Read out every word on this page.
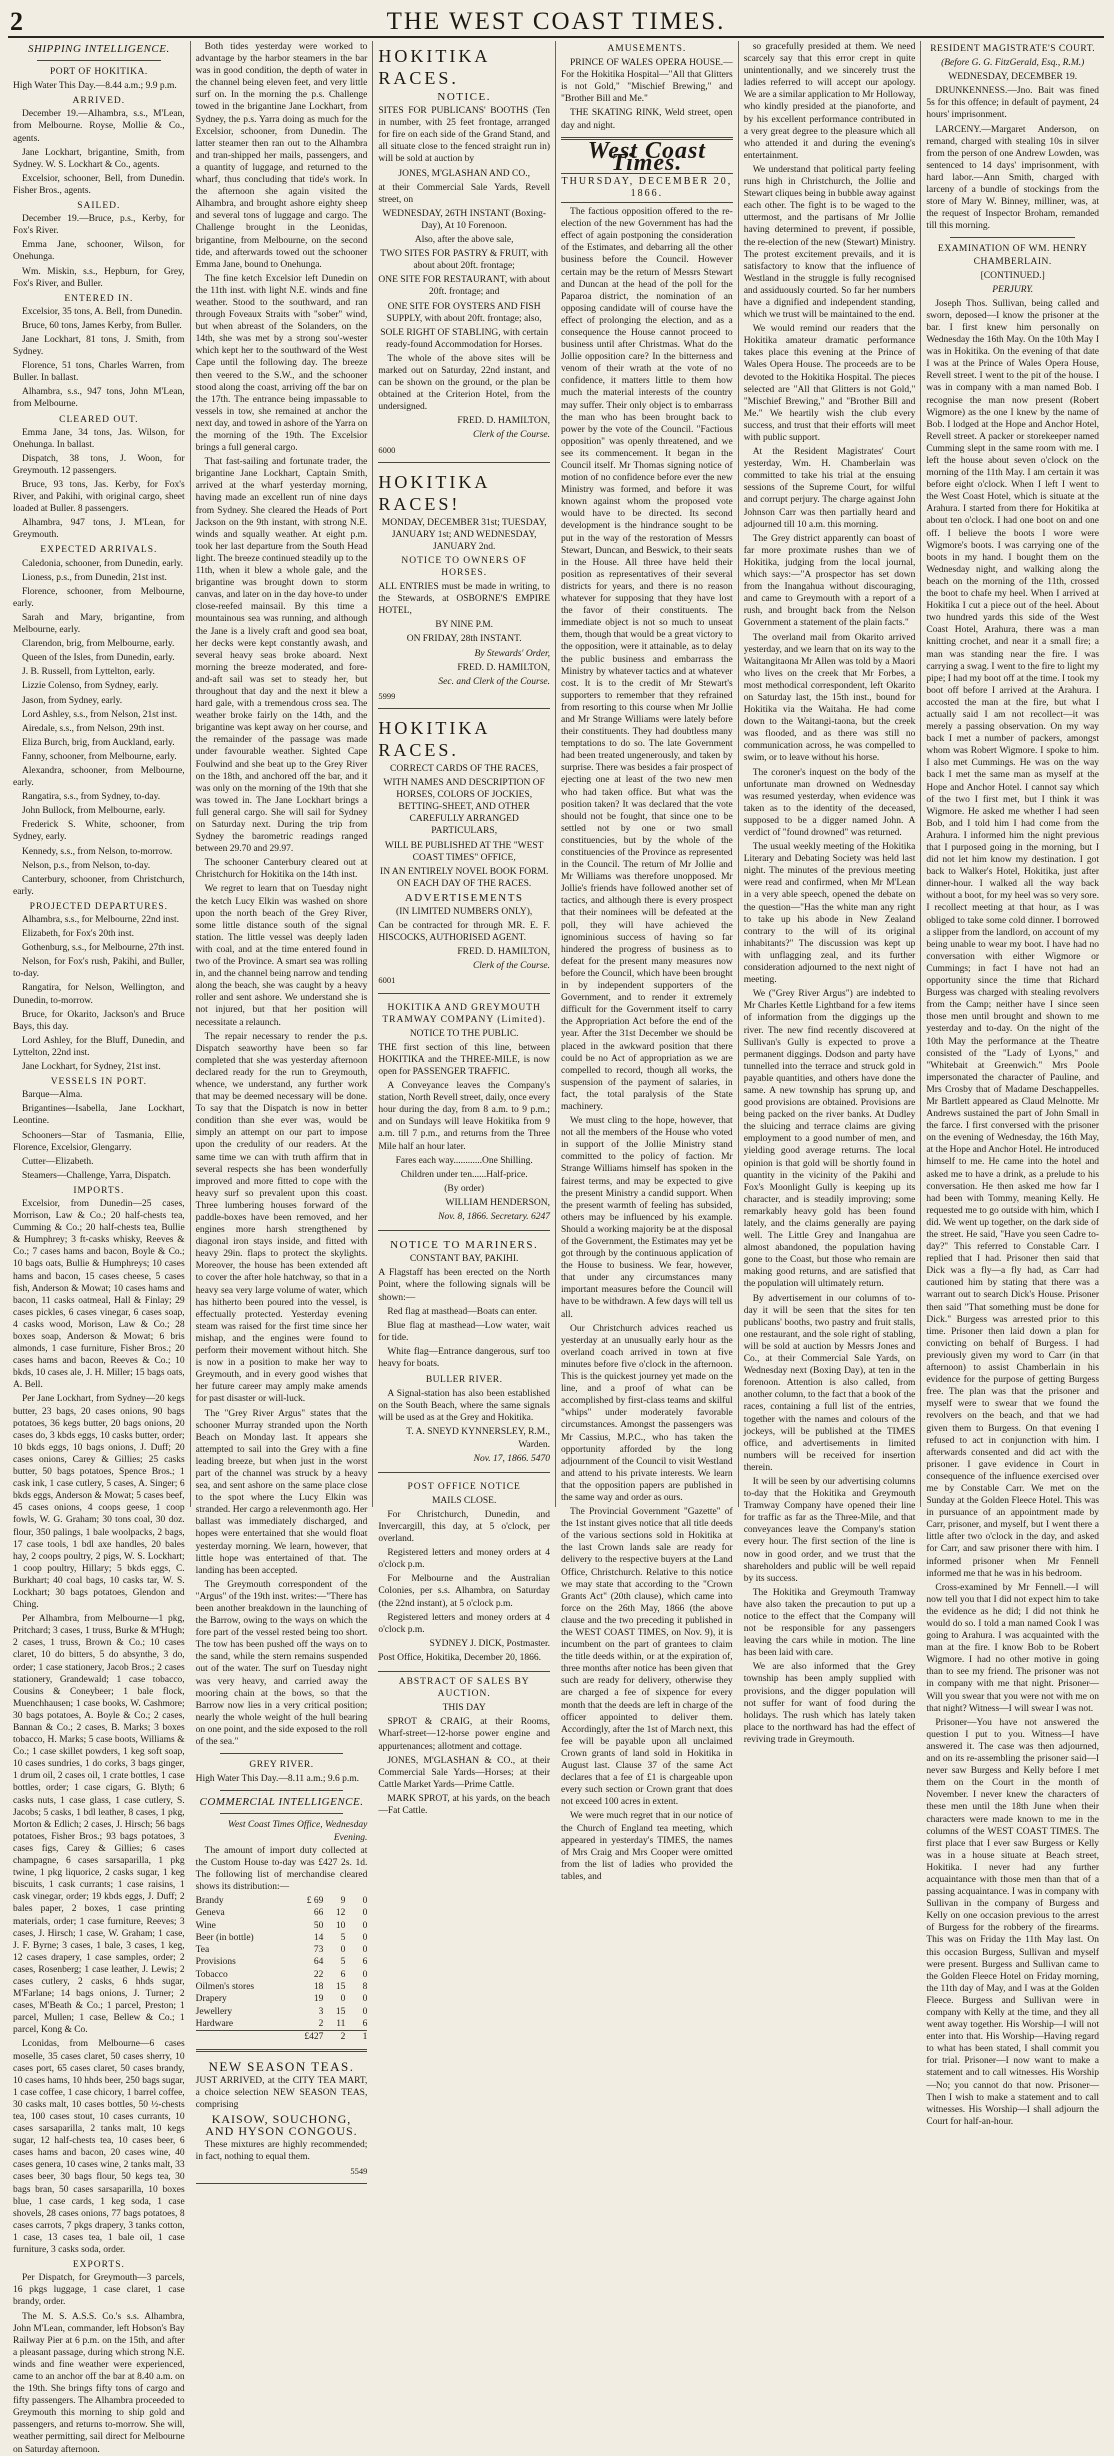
2	THE WEST COAST TIMES.
SHIPPING INTELLIGENCE.
PORT OF HOKITIKA.

High Water This Day.—8.44 a.m.; 9.9 p.m.

ARRIVED.

December 19.—Alhambra, s.s., M'Lean, from Melbourne. Royse, Mollie & Co., agents.

Jane Lockhart, brigantine, Smith, from Sydney. W. S. Lockhart & Co., agents.

Excelsior, schooner, Bell, from Dunedin. Fisher Bros., agents.

SAILED.

December 19.—Bruce, p.s., Kerby, for Fox's River.

Emma Jane, schooner, Wilson, for Onehunga.

Wm. Miskin, s.s., Hepburn, for Grey, Fox's River, and Buller.

ENTERED IN.

Excelsior, 35 tons, A. Bell, from Dunedin.

Bruce, 60 tons, James Kerby, from Buller.

Jane Lockhart, 81 tons, J. Smith, from Sydney.

Florence, 51 tons, Charles Warren, from Buller. In ballast.

Alhambra, s.s., 947 tons, John M'Lean, from Melbourne.

CLEARED OUT.

Emma Jane, 34 tons, Jas. Wilson, for Onehunga. In ballast.

Dispatch, 38 tons, J. Woon, for Greymouth. 12 passengers.

Bruce, 93 tons, Jas. Kerby, for Fox's River, and Pakihi, with original cargo, sheet loaded at Buller. 8 passengers.

Alhambra, 947 tons, J. M'Lean, for Greymouth.

EXPECTED ARRIVALS.

Caledonia, schooner, from Dunedin, early.

Lioness, p.s., from Dunedin, 21st inst.

Florence, schooner, from Melbourne, early.

Sarah and Mary, brigantine, from Melbourne, early.

Clarendon, brig, from Melbourne, early.

Queen of the Isles, from Dunedin, early.

J. B. Russell, from Lyttelton, early.

Lizzie Colenso, from Sydney, early.

Jason, from Sydney, early.

Lord Ashley, s.s., from Nelson, 21st inst.

Airedale, s.s., from Nelson, 29th inst.

Eliza Burch, brig, from Auckland, early.

Fanny, schooner, from Melbourne, early.

Alexandra, schooner, from Melbourne, early.

Rangatira, s.s., from Sydney, to-day.

John Bullock, from Melbourne, early.

Frederick S. White, schooner, from Sydney, early.

Kennedy, s.s., from Nelson, to-morrow.

Nelson, p.s., from Nelson, to-day.

Canterbury, schooner, from Christchurch, early.

PROJECTED DEPARTURES.

Alhambra, s.s., for Melbourne, 22nd inst.

Elizabeth, for Fox's 20th inst.

Gothenburg, s.s., for Melbourne, 27th inst.

Nelson, for Fox's rush, Pakihi, and Buller, to-day.

Rangatira, for Nelson, Wellington, and Dunedin, to-morrow.

Bruce, for Okarito, Jackson's and Bruce Bays, this day.

Lord Ashley, for the Bluff, Dunedin, and Lyttelton, 22nd inst.

Jane Lockhart, for Sydney, 21st inst.

VESSELS IN PORT.

Barque—Alma.

Brigantines—Isabella, Jane Lockhart, Leontine.

Schooners—Star of Tasmania, Ellie, Florence, Excelsior, Glengarry.

Cutter—Elizabeth.

Steamers—Challenge, Yarra, Dispatch.

IMPORTS.

Excelsior, from Dunedin—25 cases, Morrison, Law & Co.; 20 half-chests tea, Cumming & Co.; 20 half-chests tea, Bullie & Humphrey; 3 ft-casks whisky, Reeves & Co.; 7 cases hams and bacon, Boyle & Co.; 10 bags oats, Bullie & Humphreys; 10 cases hams and bacon, 15 cases cheese, 5 cases fish, Anderson & Mowat; 10 cases hams and bacon, 11 casks oatmeal, Hall & Finlay; 29 cases pickles, 6 cases vinegar, 6 cases soap, 4 casks wood, Morison, Law & Co.; 28 boxes soap, Anderson & Mowat; 6 bris almonds, 1 case furniture, Fisher Bros.; 20 cases hams and bacon, Reeves & Co.; 10 bkds, 10 cases ale, J. H. Miller; 15 bags oats, A. Bell.

Per Jane Lockhart, from Sydney—20 kegs butter, 23 bags, 20 cases onions, 90 bags potatoes, 36 kegs butter, 20 bags onions, 20 cases do, 3 kbds eggs, 10 casks butter, order; 10 bkds eggs, 10 bags onions, J. Duff; 20 cases onions, Carey & Gillies; 25 casks butter, 50 bags potatoes, Spence Bros.; 1 cask ink, 1 case cutlery, 5 cases, A. Singer; 6 bkds eggs, Anderson & Mowat; 5 cases beef, 45 cases onions, 4 coops geese, 1 coop fowls, W. G. Graham; 30 tons coal, 30 doz. flour, 350 palings, 1 bale woolpacks, 2 bags, 17 case tools, 1 bdl axe handles, 20 bales hay, 2 coops poultry, 2 pigs, W. S. Lockhart; 1 coop poultry, Hillary; 5 bkds eggs, C. Burkhart; 40 coal bags, 10 casks tar, W. S. Lockhart; 30 bags potatoes, Glendon and Ching.

Per Alhambra, from Melbourne—1 pkg, Pritchard; 3 cases, 1 truss, Burke & M'Hugh; 2 cases, 1 truss, Brown & Co.; 10 cases claret, 10 do bitters, 5 do absynthe, 3 do, order; 1 case stationery, Jacob Bros.; 2 cases stationery, Grandewald; 1 case tobacco, Cousins & Coneybeer; 1 bale flock, Muenchhausen; 1 case books, W. Cashmore; 30 bags potatoes, A. Boyle & Co.; 2 cases, Bannan & Co.; 2 cases, B. Marks; 3 boxes tobacco, H. Marks; 5 case boots, Williams & Co.; 1 case skillet powders, 1 keg soft soap, 10 cases sundries, 1 do corks, 3 bags ginger, 1 drum oil, 2 cases oil, 1 crate bottles, 1 case bottles, order; 1 case cigars, G. Blyth; 6 casks nuts, 1 case glass, 1 case cutlery, S. Jacobs; 5 casks, 1 bdl leather, 8 cases, 1 pkg, Morton & Edlich; 2 cases, J. Hirsch; 56 bags potatoes, Fisher Bros.; 93 bags potatoes, 3 cases figs, Carey & Gillies; 6 cases champagne, 6 cases sarsaparilla, 1 pkg twine, 1 pkg liquorice, 2 casks sugar, 1 keg biscuits, 1 cask currants; 1 case raisins, 1 cask vinegar, order; 19 kbds eggs, J. Duff; 2 bales paper, 2 boxes, 1 case printing materials, order; 1 case furniture, Reeves; 3 cases, J. Hirsch; 1 case, W. Graham; 1 case, J. F. Byrne; 3 cases, 1 bale, 3 cases, 1 keg, 12 cases drapery, 1 case samples, order; 2 cases, Rosenberg; 1 case leather, J. Lewis; 2 cases cutlery, 2 casks, 6 hhds sugar, M'Farlane; 14 bags onions, J. Turner; 2 cases, M'Beath & Co.; 1 parcel, Preston; 1 parcel, Mullen; 1 case, Bellew & Co.; 1 parcel, Kong & Co.

Lconidas, from Melbourne—6 cases moselle, 35 cases claret, 50 cases sherry, 10 cases port, 65 cases claret, 50 cases brandy, 10 cases hams, 10 hhds beer, 250 bags sugar, 1 case coffee, 1 case chicory, 1 barrel coffee, 30 casks malt, 10 cases bottles, 50 ½-chests tea, 100 cases stout, 10 cases currants, 10 cases sarsaparilla, 2 tanks malt, 10 kegs sugar, 12 half-chests tea, 10 cases beer, 6 cases hams and bacon, 20 cases wine, 40 cases genera, 10 cases wine, 2 tanks malt, 33 cases beer, 30 bags flour, 50 kegs tea, 30 bags bran, 50 cases sarsaparilla, 10 boxes blue, 1 case cards, 1 keg soda, 1 case shovels, 28 cases onions, 77 bags potatoes, 8 cases carrots, 7 pkgs drapery, 3 tanks cotton, 1 case, 13 cases tea, 1 bale oil, 1 case furniture, 3 casks soda, order.

EXPORTS.

Per Dispatch, for Greymouth—3 parcels, 16 pkgs luggage, 1 case claret, 1 case brandy, order.

The M. S. A.S.S. Co.'s s.s. Alhambra, John M'Lean, commander, left Hobson's Bay Railway Pier at 6 p.m. on the 15th, and after a pleasant passage, during which strong N.E. winds and fine weather were experienced, came to an anchor off the bar at 8.40 a.m. on the 19th. She brings fifty tons of cargo and fifty passengers. The Alhambra proceeded to Greymouth this morning to ship gold and passengers, and returns to-morrow. She will, weather permitting, sail direct for Melbourne on Saturday afternoon.

Both tides yesterday were worked to advantage by the harbor steamers in the bar was in good condition, the depth of water in the channel being eleven feet, and very little surf on. In the morning the p.s. Challenge towed in the brigantine Jane Lockhart, from Sydney, the p.s. Yarra doing as much for the Excelsior, schooner, from Dunedin. The latter steamer then ran out to the Alhambra and tran-shipped her mails, passengers, and a quantity of luggage, and returned to the wharf, thus concluding that tide's work. In the afternoon she again visited the Alhambra, and brought ashore eighty sheep and several tons of luggage and cargo. The Challenge brought in the Leonidas, brigantine, from Melbourne, on the second tide, and afterwards towed out the schooner Emma Jane, bound to Onehunga.

The fine ketch Excelsior left Dunedin on the 11th inst. with light N.E. winds and fine weather. Stood to the southward, and ran through Foveaux Straits with "sober" wind, but when abreast of the Solanders, on the 14th, she was met by a strong sou'-wester which kept her to the southward of the West Cape until the following day. The breeze then veered to the S.W., and the schooner stood along the coast, arriving off the bar on the 17th. The entrance being impassable to vessels in tow, she remained at anchor the next day, and towed in ashore of the Yarra on the morning of the 19th. The Excelsior brings a full general cargo.

That fast-sailing and fortunate trader, the brigantine Jane Lockhart, Captain Smith, arrived at the wharf yesterday morning, having made an excellent run of nine days from Sydney. She cleared the Heads of Port Jackson on the 9th instant, with strong N.E. winds and squally weather. At eight p.m. took her last departure from the South Head light. The breeze continued steadily up to the 11th, when it blew a whole gale, and the brigantine was brought down to storm canvas, and later on in the day hove-to under close-reefed mainsail. By this time a mountainous sea was running, and although the Jane is a lively craft and good sea boat, her decks were kept constantly awash, and several heavy seas broke aboard. Next morning the breeze moderated, and fore-and-aft sail was set to steady her, but throughout that day and the next it blew a hard gale, with a tremendous cross sea. The weather broke fairly on the 14th, and the brigantine was kept away on her course, and the remainder of the passage was made under favourable weather. Sighted Cape Foulwind and she beat up to the Grey River on the 18th, and anchored off the bar, and it was only on the morning of the 19th that she was towed in. The Jane Lockhart brings a full general cargo. She will sail for Sydney on Saturday next. During the trip from Sydney the barometric readings ranged between 29.70 and 29.97.

The schooner Canterbury cleared out at Christchurch for Hokitika on the 14th inst.

We regret to learn that on Tuesday night the ketch Lucy Elkin was washed on shore upon the north beach of the Grey River, some little distance south of the signal station. The little vessel was deeply laden with coal, and at the time entered found in two of the Province. A smart sea was rolling in, and the channel being narrow and tending along the beach, she was caught by a heavy roller and sent ashore. We understand she is not injured, but that her position will necessitate a relaunch.

The repair necessary to render the p.s. Dispatch seaworthy have been so far completed that she was yesterday afternoon declared ready for the run to Greymouth, whence, we understand, any further work that may be deemed necessary will be done. To say that the Dispatch is now in better condition than she ever was, would be simply an attempt on our part to impose upon the credulity of our readers. At the same time we can with truth affirm that in several respects she has been wonderfully improved and more fitted to cope with the heavy surf so prevalent upon this coast. Three lumbering houses forward of the paddle-boxes have been removed, and her engines more harsh strengthened by diagonal iron stays inside, and fitted with heavy 29in. flaps to protect the skylights. Moreover, the house has been extended aft to cover the after hole hatchway, so that in a heavy sea very large volume of water, which has hitherto been poured into the vessel, is effectually protected. Yesterday evening steam was raised for the first time since her mishap, and the engines were found to perform their movement without hitch. She is now in a position to make her way to Greymouth, and in every good wishes that her future career may amply make amends for past disaster or will-luck.

The "Grey River Argus" states that the schooner Murray stranded upon the North Beach on Monday last. It appears she attempted to sail into the Grey with a fine leading breeze, but when just in the worst part of the channel was struck by a heavy sea, and sent ashore on the same place close to the spot where the Lucy Elkin was stranded. Her cargo a relevenmonth ago. Her ballast was immediately discharged, and hopes were entertained that she would float yesterday morning. We learn, however, that little hope was entertained of that. The landing has been accepted.

The Greymouth correspondent of the "Argus" of the 19th inst. writes:—"There has been another breakdown in the launching of the Barrow, owing to the ways on which the fore part of the vessel rested being too short. The tow has been pushed off the ways on to the sand, while the stern remains suspended out of the water. The surf on Tuesday night was very heavy, and carried away the mooring chain at the bows, so that the Barrow now lies in a very critical position; nearly the whole weight of the hull bearing on one point, and the side exposed to the roll of the sea."

GREY RIVER.

High Water This Day.—8.11 a.m.; 9.6 p.m.

COMMERCIAL INTELLIGENCE.
West Coast Times Office, Wednesday Evening.

The amount of import duty collected at the Custom House to-day was £427 2s. 1d. The following list of merchandise cleared shows its distribution:—

Brandy	£ 69	9	0
Geneva	66	12	0
Wine	50	10	0
Beer (in bottle)	14	5	0
Tea	73	0	0
Provisions	64	5	6
Tobacco	22	6	0
Oilmen's stores	18	15	8
Drapery	19	0	0
Jewellery	3	15	0
Hardware	2	11	6
	£427	2	1
NEW SEASON TEAS.

JUST ARRIVED, at the CITY TEA MART, a choice selection NEW SEASON TEAS, comprising

KAISOW, SOUCHONG, AND HYSON CONGOUS.

These mixtures are highly recommended; in fact, nothing to equal them.

5549
HOKITIKA RACES.
NOTICE.

SITES FOR PUBLICANS' BOOTHS (Ten in number, with 25 feet frontage, arranged for fire on each side of the Grand Stand, and all situate close to the fenced straight run in) will be sold at auction by

JONES, M'GLASHAN AND CO.,

at their Commercial Sale Yards, Revell street, on

WEDNESDAY, 26TH INSTANT (Boxing-Day), At 10 Forenoon.
Also, after the above sale,

TWO SITES FOR PASTRY & FRUIT, with about about 20ft. frontage;

ONE SITE FOR RESTAURANT, with about 20ft. frontage; and

ONE SITE FOR OYSTERS AND FISH SUPPLY, with about 20ft. frontage; also,

SOLE RIGHT OF STABLING, with certain ready-found Accommodation for Horses.

The whole of the above sites will be marked out on Saturday, 22nd instant, and can be shown on the ground, or the plan be obtained at the Criterion Hotel, from the undersigned.

FRED. D. HAMILTON,
Clerk of the Course.
6000
HOKITIKA RACES!
MONDAY, DECEMBER 31st; TUESDAY, JANUARY 1st; AND WEDNESDAY, JANUARY 2nd.
NOTICE TO OWNERS OF HORSES.

ALL ENTRIES must be made in writing, to the Stewards, at OSBORNE'S EMPIRE HOTEL,

BY NINE P.M.
ON FRIDAY, 28th INSTANT.
By Stewards' Order,
FRED. D. HAMILTON,
Sec. and Clerk of the Course.
5999
HOKITIKA RACES.
CORRECT CARDS OF THE RACES,
WITH NAMES AND DESCRIPTION OF HORSES, COLORS OF JOCKIES, BETTING-SHEET, AND OTHER CAREFULLY ARRANGED PARTICULARS,
WILL BE PUBLISHED AT THE "WEST COAST TIMES" OFFICE,
IN AN ENTIRELY NOVEL BOOK FORM. ON EACH DAY OF THE RACES.
ADVERTISEMENTS
(IN LIMITED NUMBERS ONLY),

Can be contracted for through MR. E. F. HISCOCKS, AUTHORISED AGENT.

FRED. D. HAMILTON,
Clerk of the Course.
6001
HOKITIKA AND GREYMOUTH TRAMWAY COMPANY (Limited).
NOTICE TO THE PUBLIC.

THE first section of this line, between HOKITIKA and the THREE-MILE, is now open for PASSENGER TRAFFIC.

A Conveyance leaves the Company's station, North Revell street, daily, once every hour during the day, from 8 a.m. to 9 p.m.; and on Sundays will leave Hokitika from 9 a.m. till 7 p.m., and returns from the Three Mile half an hour later.

Fares each way............One Shilling.
Children under ten......Half-price.
(By order)
WILLIAM HENDERSON,
Nov. 8, 1866. Secretary. 6247
NOTICE TO MARINERS.
CONSTANT BAY, PAKIHI.

A Flagstaff has been erected on the North Point, where the following signals will be shown:—

Red flag at masthead—Boats can enter.

Blue flag at masthead—Low water, wait for tide.

White flag—Entrance dangerous, surf too heavy for boats.

BULLER RIVER.

A Signal-station has also been established on the South Beach, where the same signals will be used as at the Grey and Hokitika.

T. A. SNEYD KYNNERSLEY, R.M., Warden.
Nov. 17, 1866. 5470
POST OFFICE NOTICE
MAILS CLOSE.

For Christchurch, Dunedin, and Invercargill, this day, at 5 o'clock, per overland.

Registered letters and money orders at 4 o'clock p.m.

For Melbourne and the Australian Colonies, per s.s. Alhambra, on Saturday (the 22nd instant), at 5 o'clock p.m.

Registered letters and money orders at 4 o'clock p.m.

SYDNEY J. DICK, Postmaster.

Post Office, Hokitika, December 20, 1866.

ABSTRACT OF SALES BY AUCTION.
THIS DAY

SPROT & CRAIG, at their Rooms, Wharf-street—12-horse power engine and appurtenances; allotment and cottage.

JONES, M'GLASHAN & CO., at their Commercial Sale Yards—Horses; at their Cattle Market Yards—Prime Cattle.

MARK SPROT, at his yards, on the beach—Fat Cattle.

AMUSEMENTS.

PRINCE OF WALES OPERA HOUSE.—For the Hokitika Hospital—"All that Glitters is not Gold," "Mischief Brewing," and "Brother Bill and Me."

THE SKATING RINK, Weld street, open day and night.

West Coast Times.
THURSDAY, DECEMBER 20, 1866.

The factious opposition offered to the re-election of the new Government has had the effect of again postponing the consideration of the Estimates, and debarring all the other business before the Council. However certain may be the return of Messrs Stewart and Duncan at the head of the poll for the Paparoa district, the nomination of an opposing candidate will of course have the effect of prolonging the election, and as a consequence the House cannot proceed to business until after Christmas. What do the Jollie opposition care? In the bitterness and venom of their wrath at the vote of no confidence, it matters little to them how much the material interests of the country may suffer. Their only object is to embarrass the man who has been brought back to power by the vote of the Council. "Factious opposition" was openly threatened, and we see its commencement. It began in the Council itself. Mr Thomas signing notice of motion of no confidence before ever the new Ministry was formed, and before it was known against whom the proposed vote would have to be directed. Its second development is the hindrance sought to be put in the way of the restoration of Messrs Stewart, Duncan, and Beswick, to their seats in the House. All three have held their position as representatives of their several districts for years, and there is no reason whatever for supposing that they have lost the favor of their constituents. The immediate object is not so much to unseat them, though that would be a great victory to the opposition, were it attainable, as to delay the public business and embarrass the Ministry by whatever tactics and at whatever cost. It is to the credit of Mr Stewart's supporters to remember that they refrained from resorting to this course when Mr Jollie and Mr Strange Williams were lately before their constituents. They had doubtless many temptations to do so. The late Government had been treated ungenerously, and taken by surprise. There was besides a fair prospect of ejecting one at least of the two new men who had taken office. But what was the position taken? It was declared that the vote should not be fought, that since one to be settled not by one or two small constituencies, but by the whole of the constituencies of the Province as represented in the Council. The return of Mr Jollie and Mr Williams was therefore unopposed. Mr Jollie's friends have followed another set of tactics, and although there is every prospect that their nominees will be defeated at the poll, they will have achieved the ignominious success of having so far hindered the progress of business as to defeat for the present many measures now before the Council, which have been brought in by independent supporters of the Government, and to render it extremely difficult for the Government itself to carry the Appropriation Act before the end of the year. After the 31st December we should be placed in the awkward position that there could be no Act of appropriation as we are compelled to record, though all works, the suspension of the payment of salaries, in fact, the total paralysis of the State machinery.

We must cling to the hope, however, that not all the members of the House who voted in support of the Jollie Ministry stand committed to the policy of faction. Mr Strange Williams himself has spoken in the fairest terms, and may be expected to give the present Ministry a candid support. When the present warmth of feeling has subsided, others may be influenced by his example. Should a working majority be at the disposal of the Government, the Estimates may yet be got through by the continuous application of the House to business. We fear, however, that under any circumstances many important measures before the Council will have to be withdrawn. A few days will tell us all.

Our Christchurch advices reached us yesterday at an unusually early hour as the overland coach arrived in town at five minutes before five o'clock in the afternoon. This is the quickest journey yet made on the line, and a proof of what can be accomplished by first-class teams and skilful "whips" under moderately favorable circumstances. Amongst the passengers was Mr Cassius, M.P.C., who has taken the opportunity afforded by the long adjournment of the Council to visit Westland and attend to his private interests. We learn that the opposition papers are published in the same way and order as ours.

The Provincial Government "Gazette" of the 1st instant gives notice that all title deeds of the various sections sold in Hokitika at the last Crown lands sale are ready for delivery to the respective buyers at the Land Office, Christchurch. Relative to this notice we may state that according to the "Crown Grants Act" (20th clause), which came into force on the 26th May, 1866 (the above clause and the two preceding it published in the WEST COAST TIMES, on Nov. 9), it is incumbent on the part of grantees to claim the title deeds within, or at the expiration of, three months after notice has been given that such are ready for delivery, otherwise they are charged a fee of sixpence for every month that the deeds are left in charge of the officer appointed to deliver them. Accordingly, after the 1st of March next, this fee will be payable upon all unclaimed Crown grants of land sold in Hokitika in August last. Clause 37 of the same Act declares that a fee of £1 is chargeable upon every such section or Crown grant that does not exceed 100 acres in extent.

We were much regret that in our notice of the Church of England tea meeting, which appeared in yesterday's TIMES, the names of Mrs Craig and Mrs Cooper were omitted from the list of ladies who provided the tables, and

so gracefully presided at them. We need scarcely say that this error crept in quite unintentionally, and we sincerely trust the ladies referred to will accept our apology. We are a similar application to Mr Holloway, who kindly presided at the pianoforte, and by his excellent performance contributed in a very great degree to the pleasure which all who attended it and during the evening's entertainment.

We understand that political party feeling runs high in Christchurch, the Jollie and Stewart cliques being in bubble away against each other. The fight is to be waged to the uttermost, and the partisans of Mr Jollie having determined to prevent, if possible, the re-election of the new (Stewart) Ministry. The protest excitement prevails, and it is satisfactory to know that the influence of Westland in the struggle is fully recognised and assiduously courted. So far her numbers have a dignified and independent standing, which we trust will be maintained to the end.

We would remind our readers that the Hokitika amateur dramatic performance takes place this evening at the Prince of Wales Opera House. The proceeds are to be devoted to the Hokitika Hospital. The pieces selected are "All that Glitters is not Gold," "Mischief Brewing," and "Brother Bill and Me." We heartily wish the club every success, and trust that their efforts will meet with public support.

At the Resident Magistrates' Court yesterday, Wm. H. Chamberlain was committed to take his trial at the ensuing sessions of the Supreme Court, for wilful and corrupt perjury. The charge against John Johnson Carr was then partially heard and adjourned till 10 a.m. this morning.

The Grey district apparently can boast of far more proximate rushes than we of Hokitika, judging from the local journal, which says:—"A prospector has set down from the Inangahua without discouraging, and came to Greymouth with a report of a rush, and brought back from the Nelson Government a statement of the plain facts."

The overland mail from Okarito arrived yesterday, and we learn that on its way to the Waitangitaona Mr Allen was told by a Maori who lives on the creek that Mr Forbes, a most methodical correspondent, left Okarito on Saturday last, the 15th inst., bound for Hokitika via the Waitaha. He had come down to the Waitangi-taona, but the creek was flooded, and as there was still no communication across, he was compelled to swim, or to leave without his horse.

The coroner's inquest on the body of the unfortunate man drowned on Wednesday was resumed yesterday, when evidence was taken as to the identity of the deceased, supposed to be a digger named John. A verdict of "found drowned" was returned.

The usual weekly meeting of the Hokitika Literary and Debating Society was held last night. The minutes of the previous meeting were read and confirmed, when Mr M'Lean in a very able speech, opened the debate on the question—"Has the white man any right to take up his abode in New Zealand contrary to the will of its original inhabitants?" The discussion was kept up with unflagging zeal, and its further consideration adjourned to the next night of meeting.

We ("Grey River Argus") are indebted to Mr Charles Kettle Lightband for a few items of information from the diggings up the river. The new find recently discovered at Sullivan's Gully is expected to prove a permanent diggings. Dodson and party have tunnelled into the terrace and struck gold in payable quantities, and others have done the same. A new township has sprung up, and good provisions are obtained. Provisions are being packed on the river banks. At Dudley the sluicing and terrace claims are giving employment to a good number of men, and yielding good average returns. The local opinion is that gold will be shortly found in quantity in the vicinity of the Pakihi and Fox's Moonlight Gully is keeping up its character, and is steadily improving; some remarkably heavy gold has been found lately, and the claims generally are paying well. The Little Grey and Inangahua are almost abandoned, the population having gone to the Coast, but those who remain are making good returns, and are satisfied that the population will ultimately return.

By advertisement in our columns of to-day it will be seen that the sites for ten publicans' booths, two pastry and fruit stalls, one restaurant, and the sole right of stabling, will be sold at auction by Messrs Jones and Co., at their Commercial Sale Yards, on Wednesday next (Boxing Day), at ten in the forenoon. Attention is also called, from another column, to the fact that a book of the races, containing a full list of the entries, together with the names and colours of the jockeys, will be published at the TIMES office, and advertisements in limited numbers will be received for insertion therein.

It will be seen by our advertising columns to-day that the Hokitika and Greymouth Tramway Company have opened their line for traffic as far as the Three-Mile, and that conveyances leave the Company's station every hour. The first section of the line is now in good order, and we trust that the shareholders and public will be well repaid by its success.

The Hokitika and Greymouth Tramway have also taken the precaution to put up a notice to the effect that the Company will not be responsible for any passengers leaving the cars while in motion. The line has been laid with care.

We are also informed that the Grey township has been amply supplied with provisions, and the digger population will not suffer for want of food during the holidays. The rush which has lately taken place to the northward has had the effect of reviving trade in Greymouth.

RESIDENT MAGISTRATE'S COURT.
(Before G. G. FitzGerald, Esq., R.M.)
WEDNESDAY, DECEMBER 19.

DRUNKENNESS.—Jno. Bait was fined 5s for this offence; in default of payment, 24 hours' imprisonment.

LARCENY.—Margaret Anderson, on remand, charged with stealing 10s in silver from the person of one Andrew Lowden, was sentenced to 14 days' imprisonment, with hard labor.—Ann Smith, charged with larceny of a bundle of stockings from the store of Mary W. Binney, milliner, was, at the request of Inspector Broham, remanded till this morning.

EXAMINATION OF WM. HENRY CHAMBERLAIN.
[CONTINUED.]
PERJURY.

Joseph Thos. Sullivan, being called and sworn, deposed—I know the prisoner at the bar. I first knew him personally on Wednesday the 16th May. On the 10th May I was in Hokitika. On the evening of that date I was at the Prince of Wales Opera House, Revell street. I went to the pit of the house. I was in company with a man named Bob. I recognise the man now present (Robert Wigmore) as the one I knew by the name of Bob. I lodged at the Hope and Anchor Hotel, Revell street. A packer or storekeeper named Cumming slept in the same room with me. I left the house about seven o'clock on the morning of the 11th May. I am certain it was before eight o'clock. When I left I went to the West Coast Hotel, which is situate at the Arahura. I started from there for Hokitika at about ten o'clock. I had one boot on and one off. I believe the boots I wore were Wigmore's boots. I was carrying one of the boots in my hand. I bought them on the Wednesday night, and walking along the beach on the morning of the 11th, crossed the boot to chafe my heel. When I arrived at Hokitika I cut a piece out of the heel. About two hundred yards this side of the West Coast Hotel, Arahura, there was a man knitting crochet, and near it a small fire; a man was standing near the fire. I was carrying a swag. I went to the fire to light my pipe; I had my boot off at the time. I took my boot off before I arrived at the Arahura. I accosted the man at the fire, but what I actually said I am not recollect—it was merely a passing observation. On my way back I met a number of packers, amongst whom was Robert Wigmore. I spoke to him. I also met Cummings. He was on the way back I met the same man as myself at the Hope and Anchor Hotel. I cannot say which of the two I first met, but I think it was Wigmore. He asked me whether I had seen Bob, and I told him I had come from the Arahura. I informed him the night previous that I purposed going in the morning, but I did not let him know my destination. I got back to Walker's Hotel, Hokitika, just after dinner-hour. I walked all the way back without a boot, for my heel was so very sore. I recollect meeting at that hour, as I was obliged to take some cold dinner. I borrowed a slipper from the landlord, on account of my being unable to wear my boot. I have had no conversation with either Wigmore or Cummings; in fact I have not had an opportunity since the time that Richard Burgess was charged with stealing revolvers from the Camp; neither have I since seen those men until brought and shown to me yesterday and to-day. On the night of the 10th May the performance at the Theatre consisted of the "Lady of Lyons," and "Whitebait at Greenwich." Mrs Poole impersonated the character of Pauline, and Mrs Crosby that of Madame Deschappelles. Mr Bartlett appeared as Claud Melnotte. Mr Andrews sustained the part of John Small in the farce. I first conversed with the prisoner on the evening of Wednesday, the 16th May, at the Hope and Anchor Hotel. He introduced himself to me. He came into the hotel and asked me to have a drink, as a prelude to his conversation. He then asked me how far I had been with Tommy, meaning Kelly. He requested me to go outside with him, which I did. We went up together, on the dark side of the street. He said, "Have you seen Cadre to-day?" This referred to Constable Carr. I replied that I had. Prisoner then said that Dick was a fly—a fly had, as Carr had cautioned him by stating that there was a warrant out to search Dick's House. Prisoner then said "That something must be done for Dick." Burgess was arrested prior to this time. Prisoner then laid down a plan for convicting on behalf of Burgess. I had previously given my word to Carr (in that afternoon) to assist Chamberlain in his evidence for the purpose of getting Burgess free. The plan was that the prisoner and myself were to swear that we found the revolvers on the beach, and that we had given them to Burgess. On that evening I refused to act in conjunction with him. I afterwards consented and did act with the prisoner. I gave evidence in Court in consequence of the influence exercised over me by Constable Carr. We met on the Sunday at the Golden Fleece Hotel. This was in pursuance of an appointment made by Carr, prisoner, and myself, but I went there a little after two o'clock in the day, and asked for Carr, and saw prisoner there with him. I informed prisoner when Mr Fennell informed me that he was in his bedroom.

Cross-examined by Mr Fennell.—I will now tell you that I did not expect him to take the evidence as he did; I did not think he would do so. I told a man named Cook I was going to Arahura. I was acquainted with the man at the fire. I know Bob to be Robert Wigmore. I had no other motive in going than to see my friend. The prisoner was not in company with me that night. Prisoner—Will you swear that you were not with me on that night? Witness—I will swear I was not.

Prisoner—You have not answered the question I put to you. Witness—I have answered it. The case was then adjourned, and on its re-assembling the prisoner said—I never saw Burgess and Kelly before I met them on the Court in the month of November. I never knew the characters of these men until the 18th June when their characters were made known to me in the columns of the WEST COAST TIMES. The first place that I ever saw Burgess or Kelly was in a house situate at Beach street, Hokitika. I never had any further acquaintance with those men than that of a passing acquaintance. I was in company with Sullivan in the company of Burgess and Kelly on one occasion previous to the arrest of Burgess for the robbery of the firearms. This was on Friday the 11th May last. On this occasion Burgess, Sullivan and myself were present. Burgess and Sullivan came to the Golden Fleece Hotel on Friday morning, the 11th day of May, and I was at the Golden Fleece. Burgess and Sullivan were in company with Kelly at the time, and they all went away together. His Worship—I will not enter into that. His Worship—Having regard to what has been stated, I shall commit you for trial. Prisoner—I now want to make a statement and to call witnesses. His Worship—No; you cannot do that now. Prisoner—Then I wish to make a statement and to call witnesses. His Worship—I shall adjourn the Court for half-an-hour.
